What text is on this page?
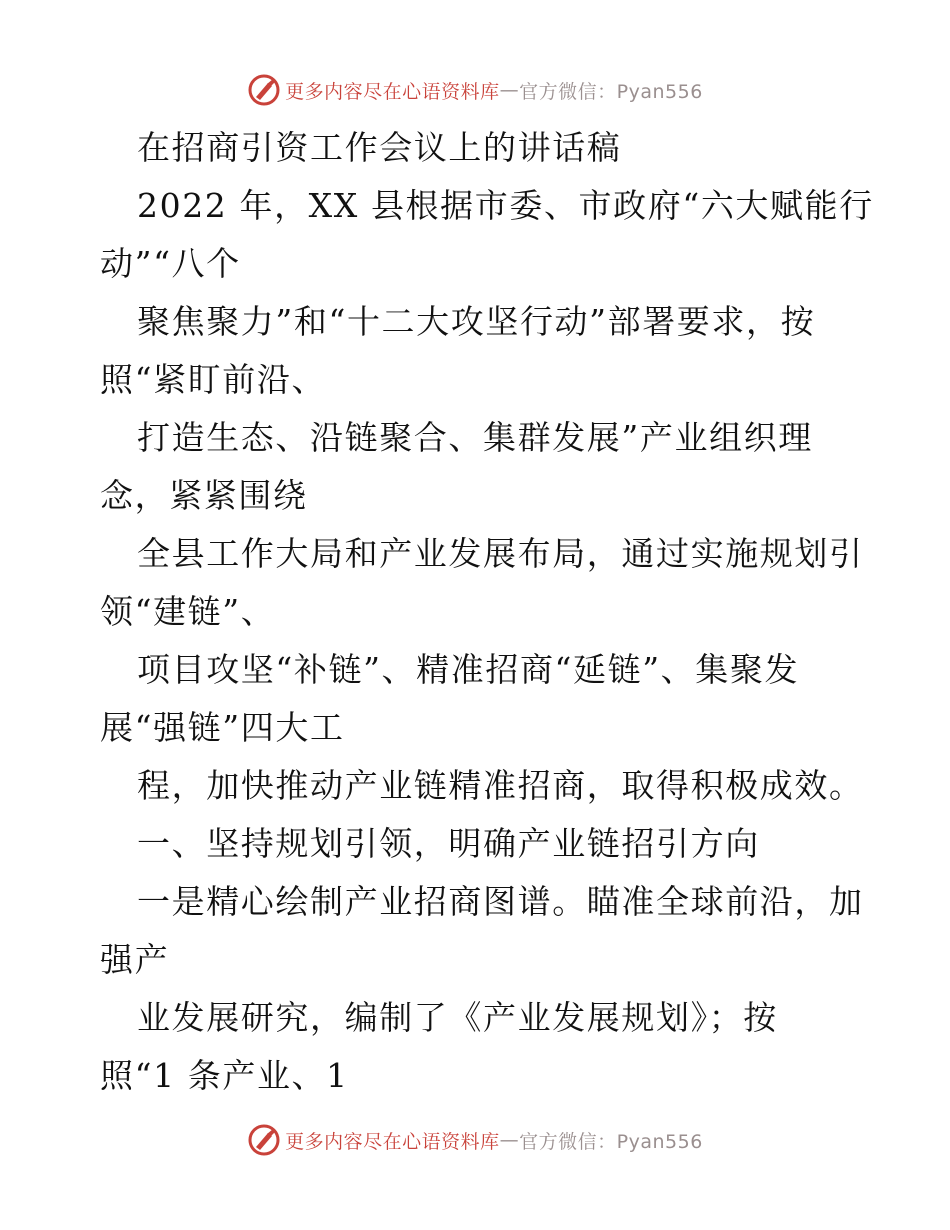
更多内容尽在心语资料库 — 官方微信：Pyan556
在招商引资工作会议上的讲话稿
2022 年，XX 县根据市委、市政府“六大赋能行
动”“八个
聚焦聚力”和“十二大攻坚行动”部署要求，按
照“紧盯前沿、
打造生态、沿链聚合、集群发展”产业组织理
念，紧紧围绕
全县工作大局和产业发展布局，通过实施规划引
领“建链”、
项目攻坚“补链”、精准招商“延链”、集聚发
展“强链”四大工
程，加快推动产业链精准招商，取得积极成效。
一、坚持规划引领，明确产业链招引方向
一是精心绘制产业招商图谱。瞄准全球前沿，加
强产
业发展研究，编制了《产业发展规划》；按
照“1 条产业、1
更多内容尽在心语资料库 — 官方微信：Pyan556
